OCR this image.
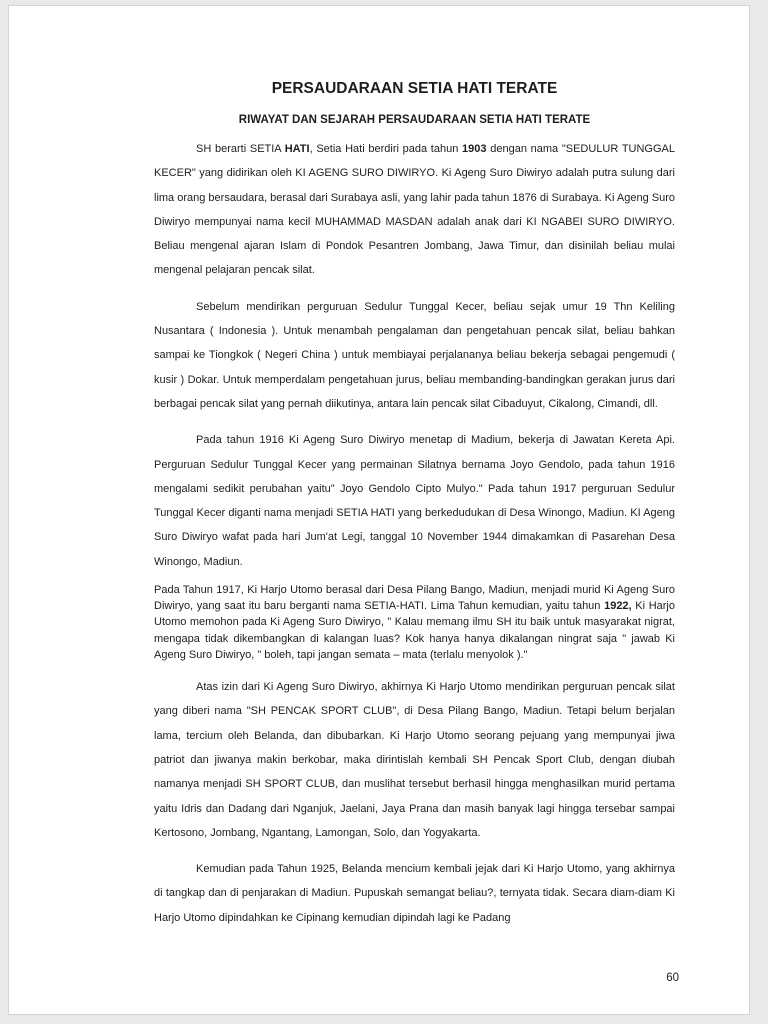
PERSAUDARAAN SETIA HATI TERATE
RIWAYAT DAN SEJARAH PERSAUDARAAN SETIA HATI TERATE

SH berarti SETIA HATI, Setia Hati berdiri pada tahun 1903 dengan nama "SEDULUR TUNGGAL KECER" yang didirikan oleh KI AGENG SURO DIWIRYO. Ki Ageng Suro Diwiryo adalah putra sulung dari lima orang bersaudara, berasal dari Surabaya asli, yang lahir pada tahun 1876 di Surabaya. Ki Ageng Suro Diwiryo mempunyai nama kecil MUHAMMAD MASDAN adalah anak dari KI NGABEI SURO DIWIRYO. Beliau mengenal ajaran Islam di Pondok Pesantren Jombang, Jawa Timur, dan disinilah beliau mulai mengenal pelajaran pencak silat.

Sebelum mendirikan perguruan Sedulur Tunggal Kecer, beliau sejak umur 19 Thn Keliling Nusantara ( Indonesia ). Untuk menambah pengalaman dan pengetahuan pencak silat, beliau bahkan sampai ke Tiongkok ( Negeri China ) untuk membiayai perjalananya beliau bekerja sebagai pengemudi ( kusir ) Dokar. Untuk memperdalam pengetahuan jurus, beliau membanding-bandingkan gerakan jurus dari berbagai pencak silat yang pernah diikutinya, antara lain pencak silat Cibaduyut, Cikalong, Cimandi, dll.

Pada tahun 1916 Ki Ageng Suro Diwiryo menetap di Madium, bekerja di Jawatan Kereta Api. Perguruan Sedulur Tunggal Kecer yang permainan Silatnya bernama Joyo Gendolo, pada tahun 1916 mengalami sedikit perubahan yaitu" Joyo Gendolo Cipto Mulyo." Pada tahun 1917 perguruan Sedulur Tunggal Kecer diganti nama menjadi SETIA HATI yang berkedudukan di Desa Winongo, Madiun. KI Ageng Suro Diwiryo wafat pada hari Jum'at Legi, tanggal 10 November 1944 dimakamkan di Pasarehan Desa Winongo, Madiun.

Pada Tahun 1917, Ki Harjo Utomo berasal dari Desa Pilang Bango, Madiun, menjadi murid Ki Ageng Suro Diwiryo, yang saat itu baru berganti nama SETIA-HATI. Lima Tahun kemudian, yaitu tahun 1922, Ki Harjo Utomo memohon pada Ki Ageng Suro Diwiryo, " Kalau memang ilmu SH itu baik untuk masyarakat nigrat, mengapa tidak dikembangkan di kalangan luas? Kok hanya hanya dikalangan ningrat saja " jawab Ki Ageng Suro Diwiryo, " boleh, tapi jangan semata – mata (terlalu menyolok )."

Atas izin dari Ki Ageng Suro Diwiryo, akhirnya Ki Harjo Utomo mendirikan perguruan pencak silat yang diberi nama "SH PENCAK SPORT CLUB", di Desa Pilang Bango, Madiun. Tetapi belum berjalan lama, tercium oleh Belanda, dan dibubarkan. Ki Harjo Utomo seorang pejuang yang mempunyai jiwa patriot dan jiwanya makin berkobar, maka dirintislah kembali SH Pencak Sport Club, dengan diubah namanya menjadi SH SPORT CLUB, dan muslihat tersebut berhasil hingga menghasilkan murid pertama yaitu Idris dan Dadang dari Nganjuk, Jaelani, Jaya Prana dan masih banyak lagi hingga tersebar sampai Kertosono, Jombang, Ngantang, Lamongan, Solo, dan Yogyakarta.

Kemudian pada Tahun 1925, Belanda mencium kembali jejak dari Ki Harjo Utomo, yang akhirnya di tangkap dan di penjarakan di Madiun. Pupuskah semangat beliau?, ternyata tidak. Secara diam-diam Ki Harjo Utomo dipindahkan ke Cipinang kemudian dipindah lagi ke Padang

60
